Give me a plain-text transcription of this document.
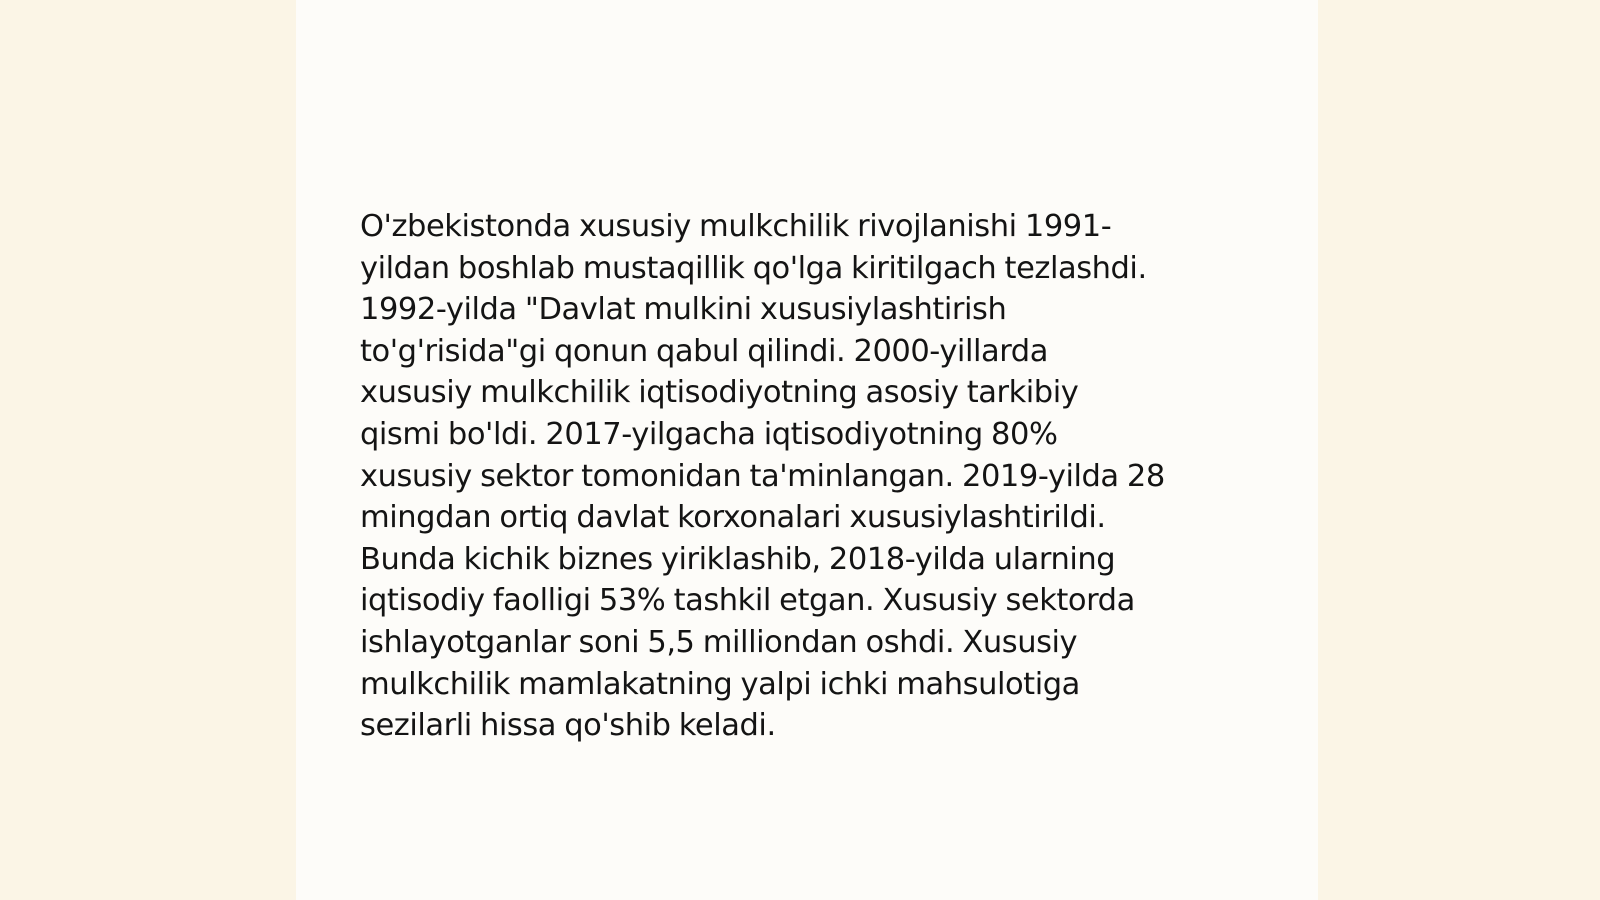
O'zbekistonda xususiy mulkchilik rivojlanishi 1991-
yildan boshlab mustaqillik qo'lga kiritilgach tezlashdi.
1992-yilda "Davlat mulkini xususiylashtirish
to'g'risida"gi qonun qabul qilindi. 2000-yillarda
xususiy mulkchilik iqtisodiyotning asosiy tarkibiy
qismi bo'ldi. 2017-yilgacha iqtisodiyotning 80%
xususiy sektor tomonidan ta'minlangan. 2019-yilda 28
mingdan ortiq davlat korxonalari xususiylashtirildi.
Bunda kichik biznes yiriklashib, 2018-yilda ularning
iqtisodiy faolligi 53% tashkil etgan. Xususiy sektorda
ishlayotganlar soni 5,5 milliondan oshdi. Xususiy
mulkchilik mamlakatning yalpi ichki mahsulotiga
sezilarli hissa qo'shib keladi.
